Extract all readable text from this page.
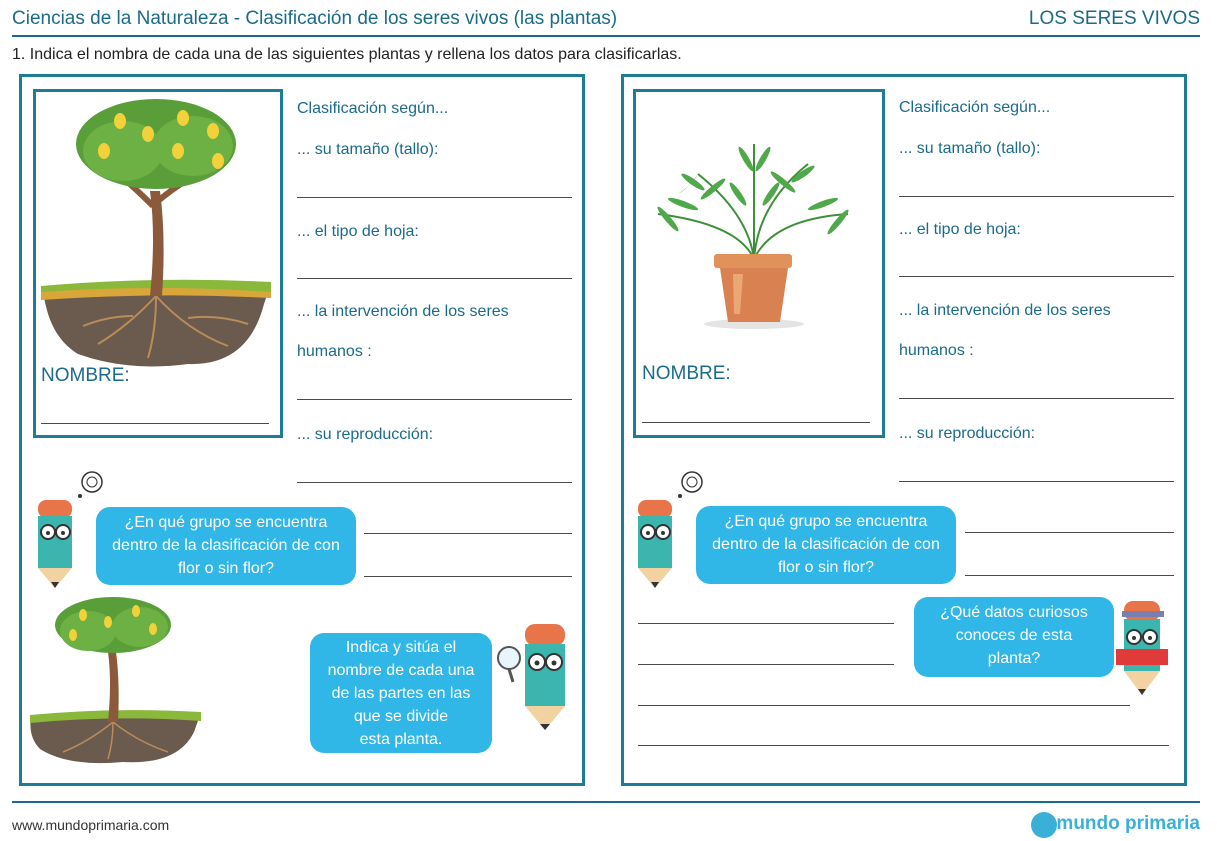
Ciencias de la Naturaleza - Clasificación de los seres vivos (las plantas)	LOS SERES VIVOS
1. Indica el nombra de cada una de las siguientes plantas y rellena los datos para clasificarlas.
NOMBRE:
Clasificación según...
... su tamaño (tallo):
... el tipo de hoja:
... la intervención de los seres
humanos :
... su reproducción:
¿En qué grupo se encuentra
dentro de la clasificación de con
flor o sin flor?
Indica y sitúa el
nombre de cada una
de las partes en las
que se divide
esta planta.
NOMBRE:
Clasificación según...
... su tamaño (tallo):
... el tipo de hoja:
... la intervención de los seres
humanos :
... su reproducción:
¿En qué grupo se encuentra
dentro de la clasificación de con
flor o sin flor?
¿Qué datos curiosos
conoces de esta
planta?
www.mundoprimaria.com	mundo primaria
